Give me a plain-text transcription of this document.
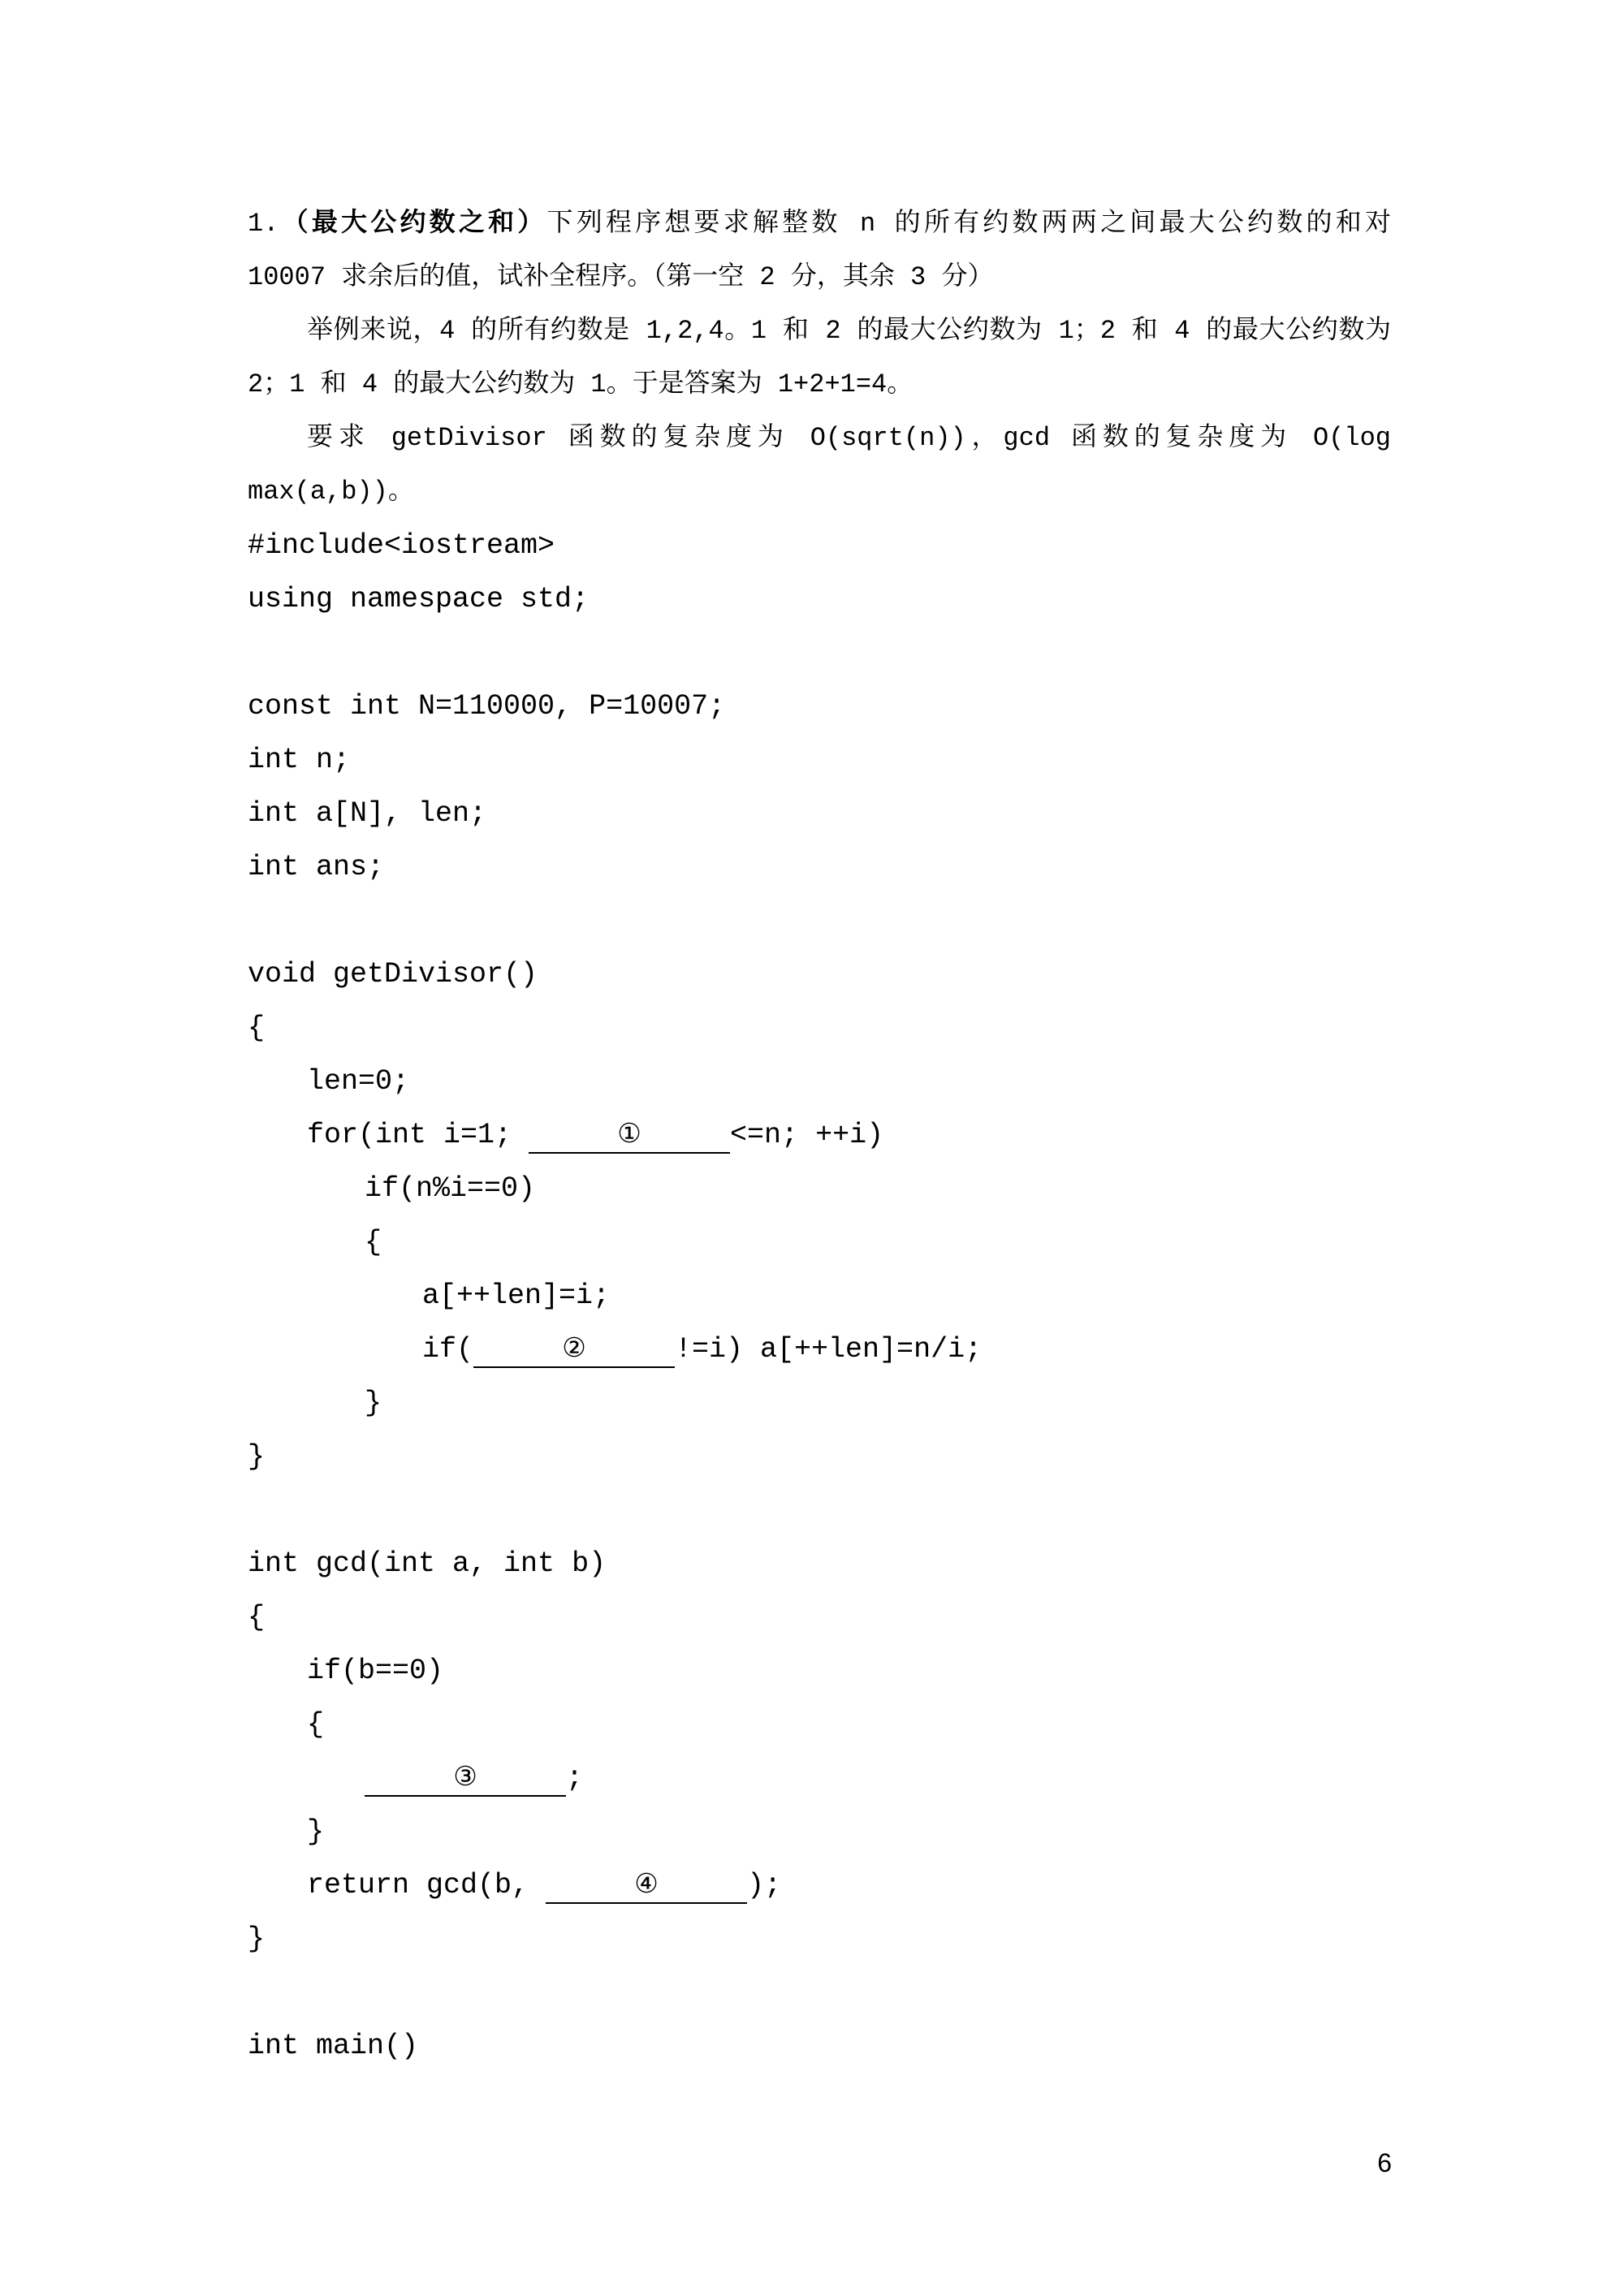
1.（最大公约数之和）下列程序想要求解整数 n 的所有约数两两之间最大公约数的和对
10007 求余后的值，试补全程序。（第一空 2 分，其余 3 分）
举例来说，4 的所有约数是 1,2,4。1 和 2 的最大公约数为 1；2 和 4 的最大公约数为
2；1 和 4 的最大公约数为 1。于是答案为 1+2+1=4。
要求 getDivisor 函数的复杂度为 O(sqrt(n))，gcd 函数的复杂度为 O(log
max(a,b))。
#include<iostream>
using namespace std;
const int N=110000, P=10007;
int n;
int a[N], len;
int ans;
void getDivisor()
{
len=0;
for(int i=1;	①	<=n; ++i)
if(n%i==0)
{
a[++len]=i;
if(	②	!=i) a[++len]=n/i;
}
}
int gcd(int a, int b)
{
if(b==0)
{
③	;
}
return gcd(b,	④	);
}
int main()
6
